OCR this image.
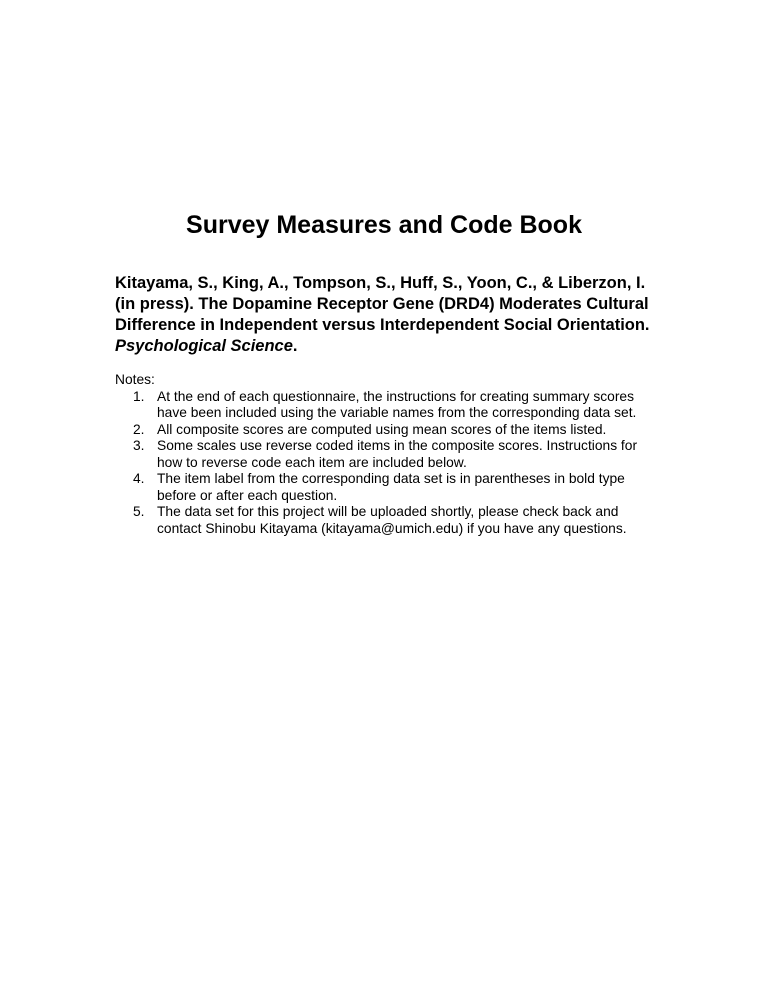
Survey Measures and Code Book

Kitayama, S., King, A., Tompson, S., Huff, S., Yoon, C., & Liberzon, I. (in press). The Dopamine Receptor Gene (DRD4) Moderates Cultural Difference in Independent versus Interdependent Social Orientation. Psychological Science.

Notes:

1. At the end of each questionnaire, the instructions for creating summary scores have been included using the variable names from the corresponding data set.
2. All composite scores are computed using mean scores of the items listed.
3. Some scales use reverse coded items in the composite scores. Instructions for how to reverse code each item are included below.
4. The item label from the corresponding data set is in parentheses in bold type before or after each question.
5. The data set for this project will be uploaded shortly, please check back and contact Shinobu Kitayama (kitayama@umich.edu) if you have any questions.
